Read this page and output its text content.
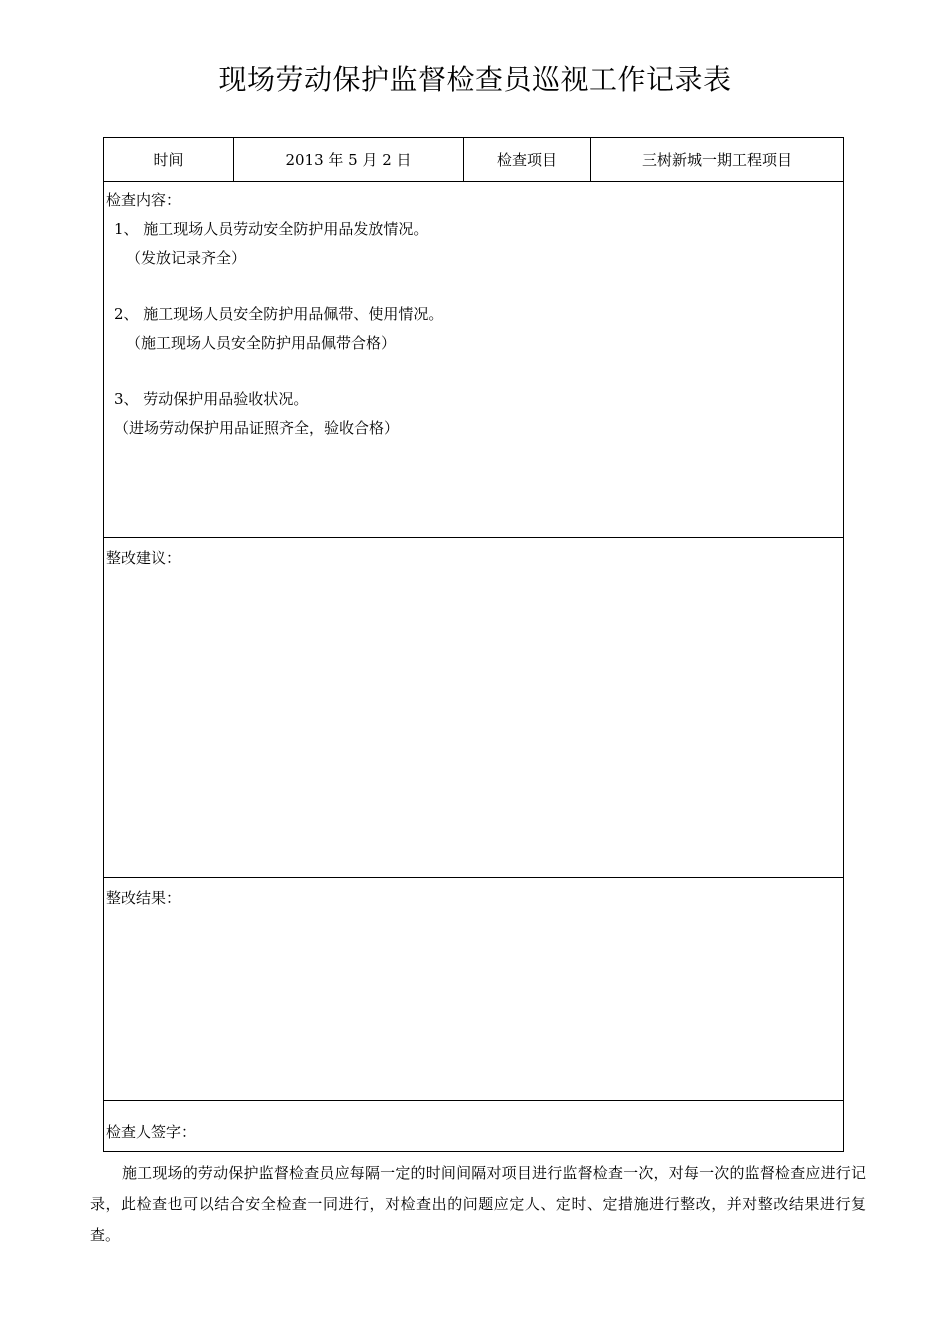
现场劳动保护监督检查员巡视工作记录表
时间	2013 年 5 月 2 日	检查项目	三树新城一期工程项目
检查内容：
1、 施工现场人员劳动安全防护用品发放情况。
（发放记录齐全）
2、 施工现场人员安全防护用品佩带、使用情况。
（施工现场人员安全防护用品佩带合格）
3、 劳动保护用品验收状况。
（进场劳动保护用品证照齐全，验收合格）
整改建议：
整改结果：
检查人签字：
施工现场的劳动保护监督检查员应每隔一定的时间间隔对项目进行监督检查一次，对每一次的监督检查应进行记录，此检查也可以结合安全检查一同进行，对检查出的问题应定人、定时、定措施进行整改，并对整改结果进行复查。
